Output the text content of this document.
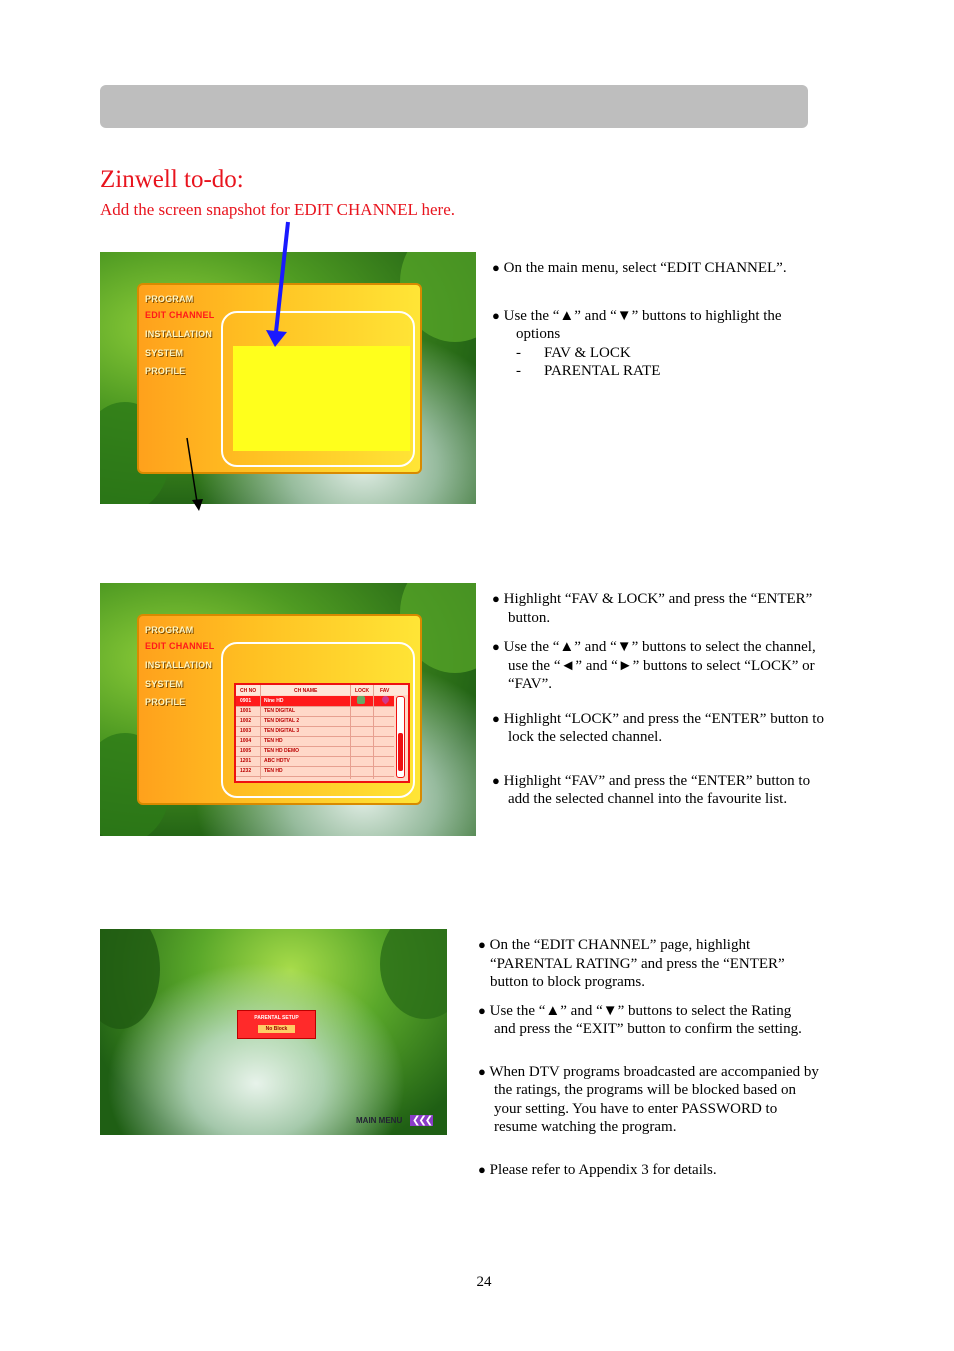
Zinwell to-do:
Add the screen snapshot for EDIT CHANNEL here.
PROGRAM
EDIT CHANNEL
INSTALLATION
SYSTEM
PROFILE

● On the main menu, select “EDIT CHANNEL”.

● Use the “▲” and “▼” buttons to highlight the

options

- FAV & LOCK

- PARENTAL RATE

PROGRAM
EDIT CHANNEL
INSTALLATION
SYSTEM
PROFILE
CH NO	CH NAME	LOCK FAV
0901	Nine HD
1001	TEN DIGITAL
1002	TEN DIGITAL 2
1003	TEN DIGITAL 3
1004	TEN HD
1005	TEN HD DEMO
1201	ABC HDTV
1232	TEN HD

● Highlight “FAV & LOCK” and press the “ENTER”

button.

● Use the “▲” and “▼” buttons to select the channel,

use the “◄” and “►” buttons to select “LOCK” or

“FAV”.

● Highlight “LOCK” and press the “ENTER” button to

lock the selected channel.

● Highlight “FAV” and press the “ENTER” button to

add the selected channel into the favourite list.

PARENTAL SETUP
No Block
MAIN MENU ❮❮❮

● On the “EDIT CHANNEL” page, highlight

“PARENTAL RATING” and press the “ENTER”

button to block programs.

● Use the “▲” and “▼” buttons to select the Rating

and press the “EXIT” button to confirm the setting.

● When DTV programs broadcasted are accompanied by

the ratings, the programs will be blocked based on

your setting. You have to enter PASSWORD to

resume watching the program.

● Please refer to Appendix 3 for details.

24
